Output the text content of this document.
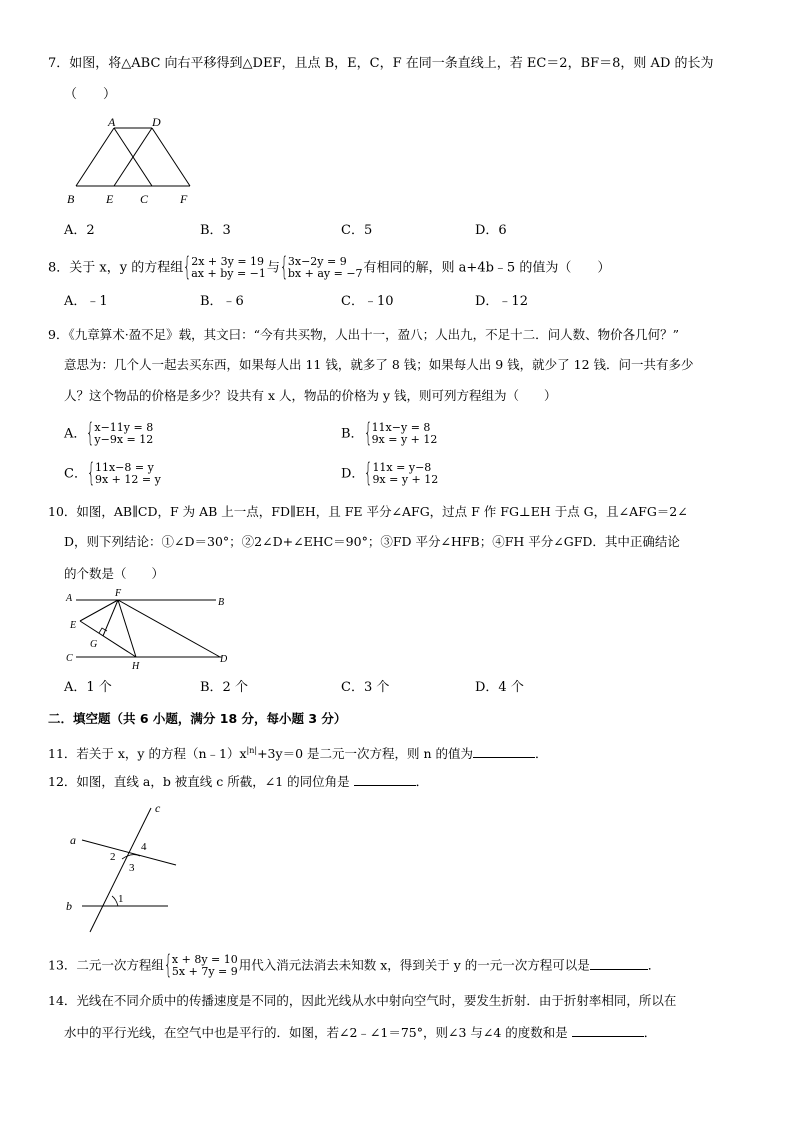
7．如图，将△ABC 向右平移得到△DEF，且点 B，E，C，F 在同一条直线上，若 EC＝2，BF＝8，则 AD 的长为
（　　）
A	D
B	E C	F
A．2	B．3	C．5	D．6
8．关于 x，y 的方程组 { 2x + 3y = 19
ax + by = −1 与 { 3x−2y = 9
bx + ay = −7 有相同的解，则 a+4b﹣5 的值为（　　）
A．﹣1	B．﹣6	C．﹣10	D．﹣12
9．《九章算术·盈不足》载，其文曰：“今有共买物，人出十一，盈八；人出九，不足十二．问人数、物价各几何？”
意思为：几个人一起去买东西，如果每人出 11 钱，就多了 8 钱；如果每人出 9 钱，就少了 12 钱．问一共有多少
人？这个物品的价格是多少？设共有 x 人，物品的价格为 y 钱，则可列方程组为（　　）
A． { x−11y = 8
y−9x = 12	B． { 11x−y = 8
9x = y + 12
C． { 11x−8 = y
9x + 12 = y	D． { 11x = y−8
9x = y + 12
10．如图，AB∥CD，F 为 AB 上一点，FD∥EH，且 FE 平分∠AFG，过点 F 作 FG⊥EH 于点 G，且∠AFG＝2∠
D，则下列结论：①∠D＝30°；②2∠D+∠EHC＝90°；③FD 平分∠HFB；④FH 平分∠GFD．其中正确结论
的个数是（　　）
A	F
B
E
G
C
H
D
A．1 个	B．2 个	C．3 个	D．4 个
二．填空题（共 6 小题，满分 18 分，每小题 3 分）
11．若关于 x，y 的方程$(n﹣1)x^{|n|}+3y=0$ 是二元一次方程，则 n 的值为	．
12．如图，直线 a，b 被直线 c 所截，∠1 的同位角是	．
a
b
c
1
2
3
4
13．二元一次方程组 { x + 8y = 10
5x + 7y = 9 用代入消元法消去未知数 x，得到关于 y 的一元一次方程可以是	．
14．光线在不同介质中的传播速度是不同的，因此光线从水中射向空气时，要发生折射．由于折射率相同，所以在
水中的平行光线，在空气中也是平行的．如图，若∠2﹣∠1＝75°，则∠3 与∠4 的度数和是	．
